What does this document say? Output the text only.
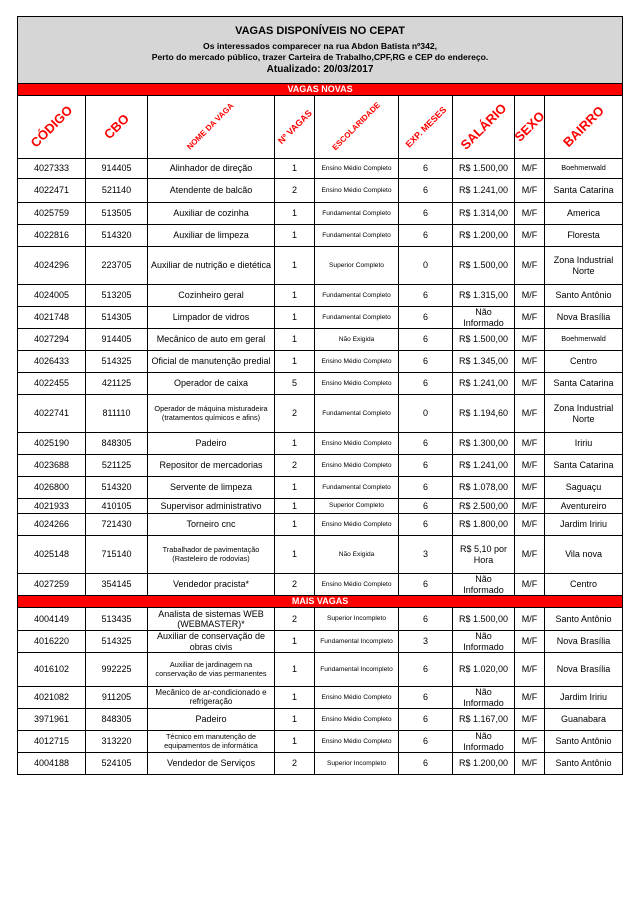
VAGAS DISPONÍVEIS NO CEPAT
Os interessados comparecer na rua Abdon Batista nº342,
Perto do mercado público, trazer Carteira de Trabalho,CPF,RG e CEP do endereço.
Atualizado: 20/03/2017								

VAGAS NOVAS								

CÓDIGO	CBO	NOME DA VAGA	Nº VAGAS	ESCOLARIDADE	EXP. MESES	SALÁRIO	SEXO	BAIRRO

4027333	914405	Alinhador de direção	1	Ensino Médio Completo	6	R$ 1.500,00	M/F	Boehmerwald
4022471	521140	Atendente de balcão	2	Ensino Médio Completo	6	R$ 1.241,00	M/F	Santa Catarina
4025759	513505	Auxiliar de cozinha	1	Fundamental Completo	6	R$ 1.314,00	M/F	America
4022816	514320	Auxiliar de limpeza	1	Fundamental Completo	6	R$ 1.200,00	M/F	Floresta
4024296	223705	Auxiliar de nutrição e dietética	1	Superior Completo	0	R$ 1.500,00	M/F	Zona Industrial Norte
4024005	513205	Cozinheiro geral	1	Fundamental Completo	6	R$ 1.315,00	M/F	Santo Antônio
4021748	514305	Limpador de vidros	1	Fundamental Completo	6	Não Informado	M/F	Nova Brasília
4027294	914405	Mecânico de auto em geral	1	Não Exigida	6	R$ 1.500,00	M/F	Boehmerwald
4026433	514325	Oficial de manutenção predial	1	Ensino Médio Completo	6	R$ 1.345,00	M/F	Centro
4022455	421125	Operador de caixa	5	Ensino Médio Completo	6	R$ 1.241,00	M/F	Santa Catarina
4022741	811110	Operador de máquina misturadeira (tratamentos químicos e afins)	2	Fundamental Completo	0	R$ 1.194,60	M/F	Zona Industrial Norte
4025190	848305	Padeiro	1	Ensino Médio Completo	6	R$ 1.300,00	M/F	Iririu
4023688	521125	Repositor de mercadorias	2	Ensino Médio Completo	6	R$ 1.241,00	M/F	Santa Catarina
4026800	514320	Servente de limpeza	1	Fundamental Completo	6	R$ 1.078,00	M/F	Saguaçu
4021933	410105	Supervisor administrativo	1	Superior Completo	6	R$ 2.500,00	M/F	Aventureiro
4024266	721430	Torneiro cnc	1	Ensino Médio Completo	6	R$ 1.800,00	M/F	Jardim Iririu
4025148	715140	Trabalhador de pavimentação (Rasteleiro de rodovias)	1	Não Exigida	3	R$ 5,10 por Hora	M/F	Vila nova
4027259	354145	Vendedor pracista*	2	Ensino Médio Completo	6	Não Informado	M/F	Centro
MAIS VAGAS								
4004149	513435	Analista de sistemas WEB (WEBMASTER)*	2	Superior Incompleto	6	R$ 1.500,00	M/F	Santo Antônio
4016220	514325	Auxiliar de conservação de obras civis	1	Fundamental Incompleto	3	Não Informado	M/F	Nova Brasília
4016102	992225	Auxiliar de jardinagem na conservação de vias permanentes	1	Fundamental Incompleto	6	R$ 1.020,00	M/F	Nova Brasília
4021082	911205	Mecânico de ar-condicionado e refrigeração	1	Ensino Médio Completo	6	Não Informado	M/F	Jardim Iririu
3971961	848305	Padeiro	1	Ensino Médio Completo	6	R$ 1.167,00	M/F	Guanabara
4012715	313220	Técnico em manutenção de equipamentos de informática	1	Ensino Médio Completo	6	Não Informado	M/F	Santo Antônio
4004188	524105	Vendedor de Serviços	2	Superior Incompleto	6	R$ 1.200,00	M/F	Santo Antônio
